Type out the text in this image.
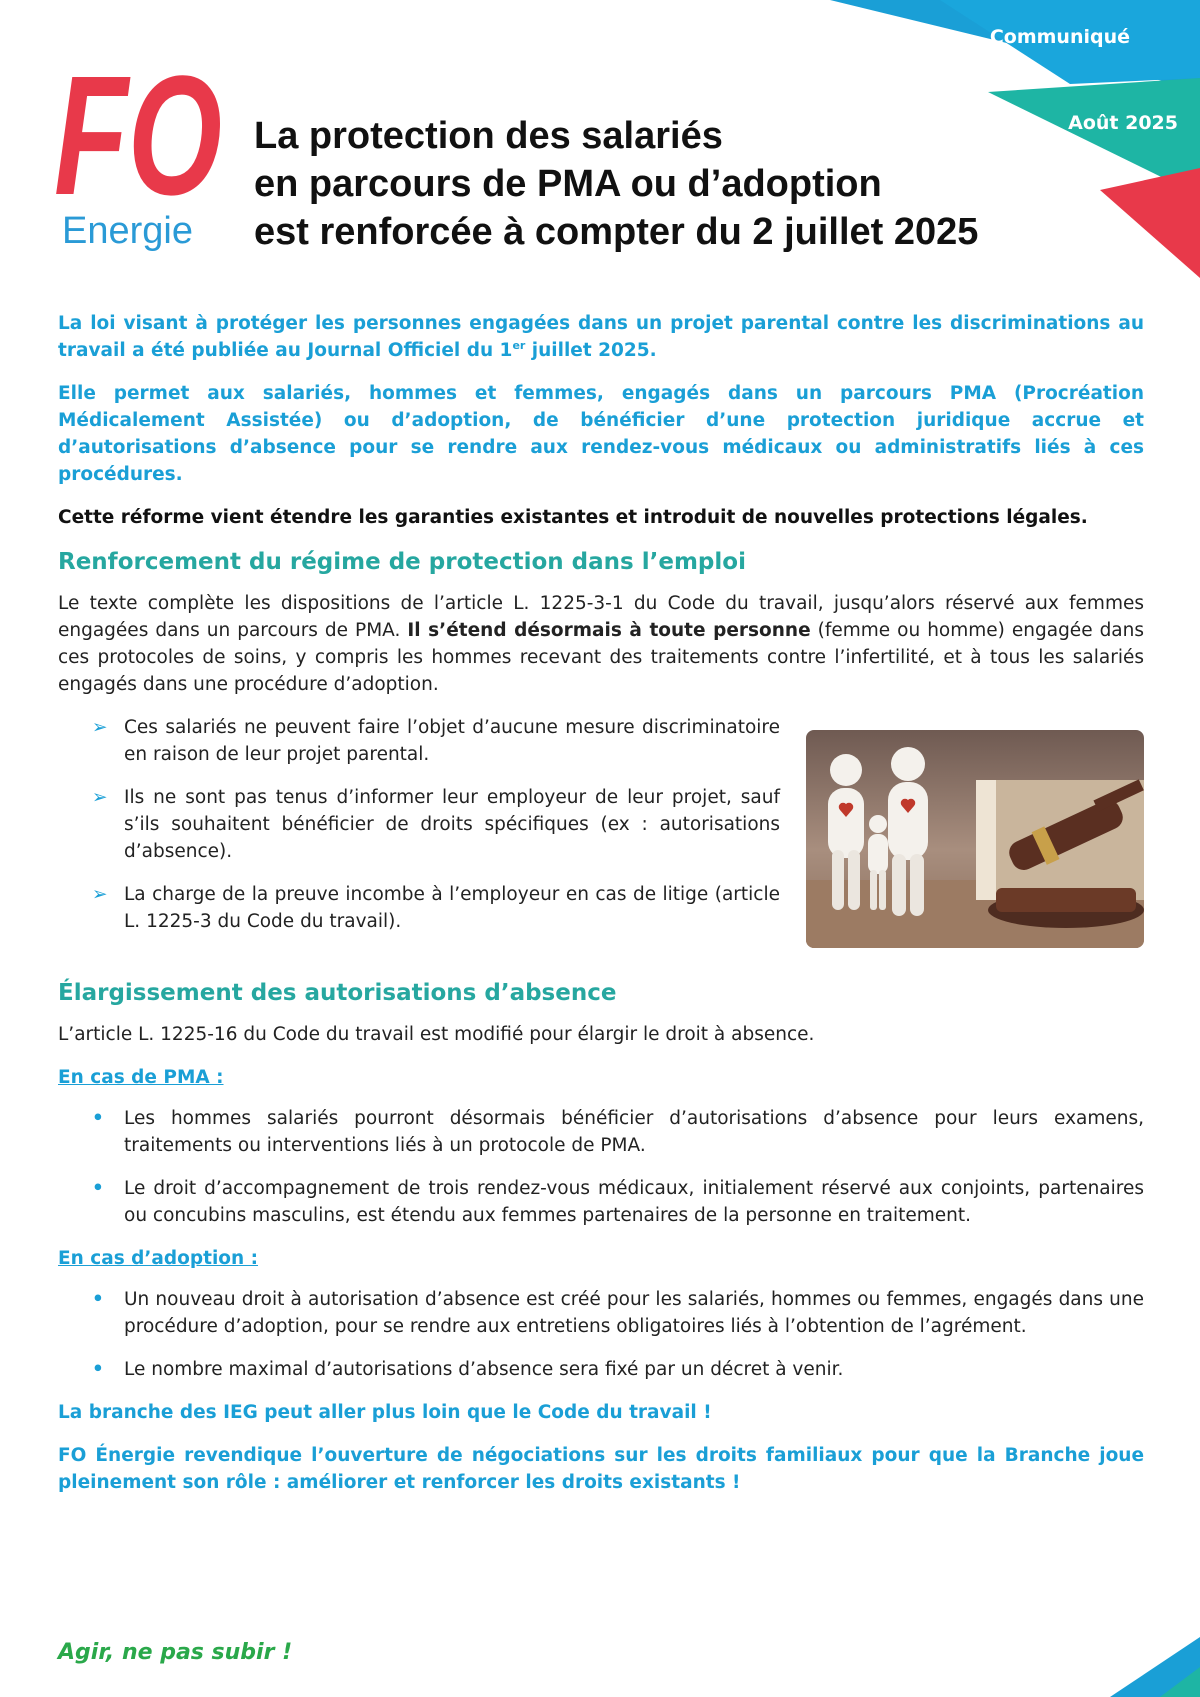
Communiqué
Août 2025
FO
Energie
La protection des salariés
en parcours de PMA ou d’adoption
est renforcée à compter du 2 juillet 2025

La loi visant à protéger les personnes engagées dans un projet parental contre les discriminations au travail a été publiée au Journal Officiel du 1er juillet 2025.

Elle permet aux salariés, hommes et femmes, engagés dans un parcours PMA (Procréation Médicalement Assistée) ou d’adoption, de bénéficier d’une protection juridique accrue et d’autorisations d’absence pour se rendre aux rendez-vous médicaux ou administratifs liés à ces procédures.

Cette réforme vient étendre les garanties existantes et introduit de nouvelles protections légales.

Renforcement du régime de protection dans l’emploi

Le texte complète les dispositions de l’article L. 1225-3-1 du Code du travail, jusqu’alors réservé aux femmes engagées dans un parcours de PMA. Il s’étend désormais à toute personne (femme ou homme) engagée dans ces protocoles de soins, y compris les hommes recevant des traitements contre l’infertilité, et à tous les salariés engagés dans une procédure d’adoption.

➢ Ces salariés ne peuvent faire l’objet d’aucune mesure discriminatoire en raison de leur projet parental.
➢ Ils ne sont pas tenus d’informer leur employeur de leur projet, sauf s’ils souhaitent bénéficier de droits spécifiques (ex : autorisations d’absence).
➢ La charge de la preuve incombe à l’employeur en cas de litige (article L. 1225-3 du Code du travail).
Élargissement des autorisations d’absence

L’article L. 1225-16 du Code du travail est modifié pour élargir le droit à absence.

En cas de PMA :
• Les hommes salariés pourront désormais bénéficier d’autorisations d’absence pour leurs examens, traitements ou interventions liés à un protocole de PMA.
• Le droit d’accompagnement de trois rendez-vous médicaux, initialement réservé aux conjoints, partenaires ou concubins masculins, est étendu aux femmes partenaires de la personne en traitement.
En cas d’adoption :
• Un nouveau droit à autorisation d’absence est créé pour les salariés, hommes ou femmes, engagés dans une procédure d’adoption, pour se rendre aux entretiens obligatoires liés à l’obtention de l’agrément.
• Le nombre maximal d’autorisations d’absence sera fixé par un décret à venir.

La branche des IEG peut aller plus loin que le Code du travail !

FO Énergie revendique l’ouverture de négociations sur les droits familiaux pour que la Branche joue pleinement son rôle : améliorer et renforcer les droits existants !

Agir, ne pas subir !
